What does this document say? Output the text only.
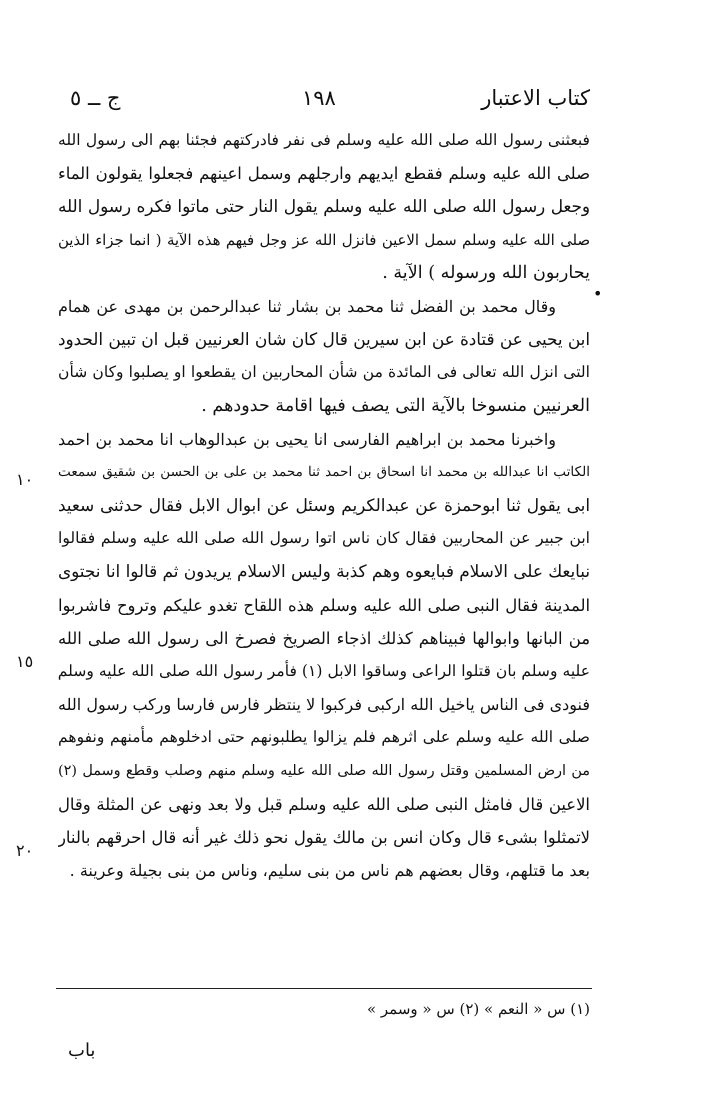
ج ــ ٥	١٩٨	كتاب الاعتبار
•
١٠
١٥
٢٠
فبعثنى رسول الله صلى الله عليه وسلم فى نفر فادركتهم فجئنا بهم الى رسول الله
صلى الله عليه وسلم فقطع ايديهم وارجلهم وسمل اعينهم فجعلوا يقولون الماء
وجعل رسول الله صلى الله عليه وسلم يقول النار حتى ماتوا فكره رسول الله
صلى الله عليه وسلم سمل الاعين فانزل الله عز وجل فيهم هذه الآية ( انما جزاء الذين
يحاربون الله ورسوله ) الآية .
وقال محمد بن الفضل ثنا محمد بن بشار ثنا عبدالرحمن بن مهدى عن همام
ابن يحيى عن قتادة عن ابن سيرين قال كان شان العرنيين قبل ان تبين الحدود
التى انزل الله تعالى فى المائدة من شأن المحاربين ان يقطعوا او يصلبوا وكان شأن
العرنيين منسوخا بالآية التى يصف فيها اقامة حدودهم .
واخبرنا محمد بن ابراهيم الفارسى انا يحيى بن عبدالوهاب انا محمد بن احمد
الكاتب انا عبدالله بن محمد انا اسحاق بن احمد ثنا محمد بن على بن الحسن بن شقيق سمعت
ابى يقول ثنا ابوحمزة عن عبدالكريم وسئل عن ابوال الابل فقال حدثنى سعيد
ابن جبير عن المحاربين فقال كان ناس اتوا رسول الله صلى الله عليه وسلم فقالوا
نبايعك على الاسلام فبايعوه وهم كذبة وليس الاسلام يريدون ثم قالوا انا نجتوى
المدينة فقال النبى صلى الله عليه وسلم هذه اللقاح تغدو عليكم وتروح فاشربوا
من البانها وابوالها فبيناهم كذلك اذجاء الصريخ فصرخ الى رسول الله صلى الله
عليه وسلم بان قتلوا الراعى وساقوا الابل (١) فأمر رسول الله صلى الله عليه وسلم
فنودى فى الناس ياخيل الله اركبى فركبوا لا ينتظر فارس فارسا وركب رسول الله
صلى الله عليه وسلم على اثرهم فلم يزالوا يطلبونهم حتى ادخلوهم مأمنهم ونفوهم
من ارض المسلمين وقتل رسول الله صلى الله عليه وسلم منهم وصلب وقطع وسمل (٢)
الاعين قال فامثل النبى صلى الله عليه وسلم قبل ولا بعد ونهى عن المثلة وقال
لاتمثلوا بشىء قال وكان انس بن مالك يقول نحو ذلك غير أنه قال احرقهم بالنار
بعد ما قتلهم، وقال بعضهم هم ناس من بنى سليم، وناس من بنى بجيلة وعرينة .
(١) س « النعم » (٢) س « وسمر »
باب
